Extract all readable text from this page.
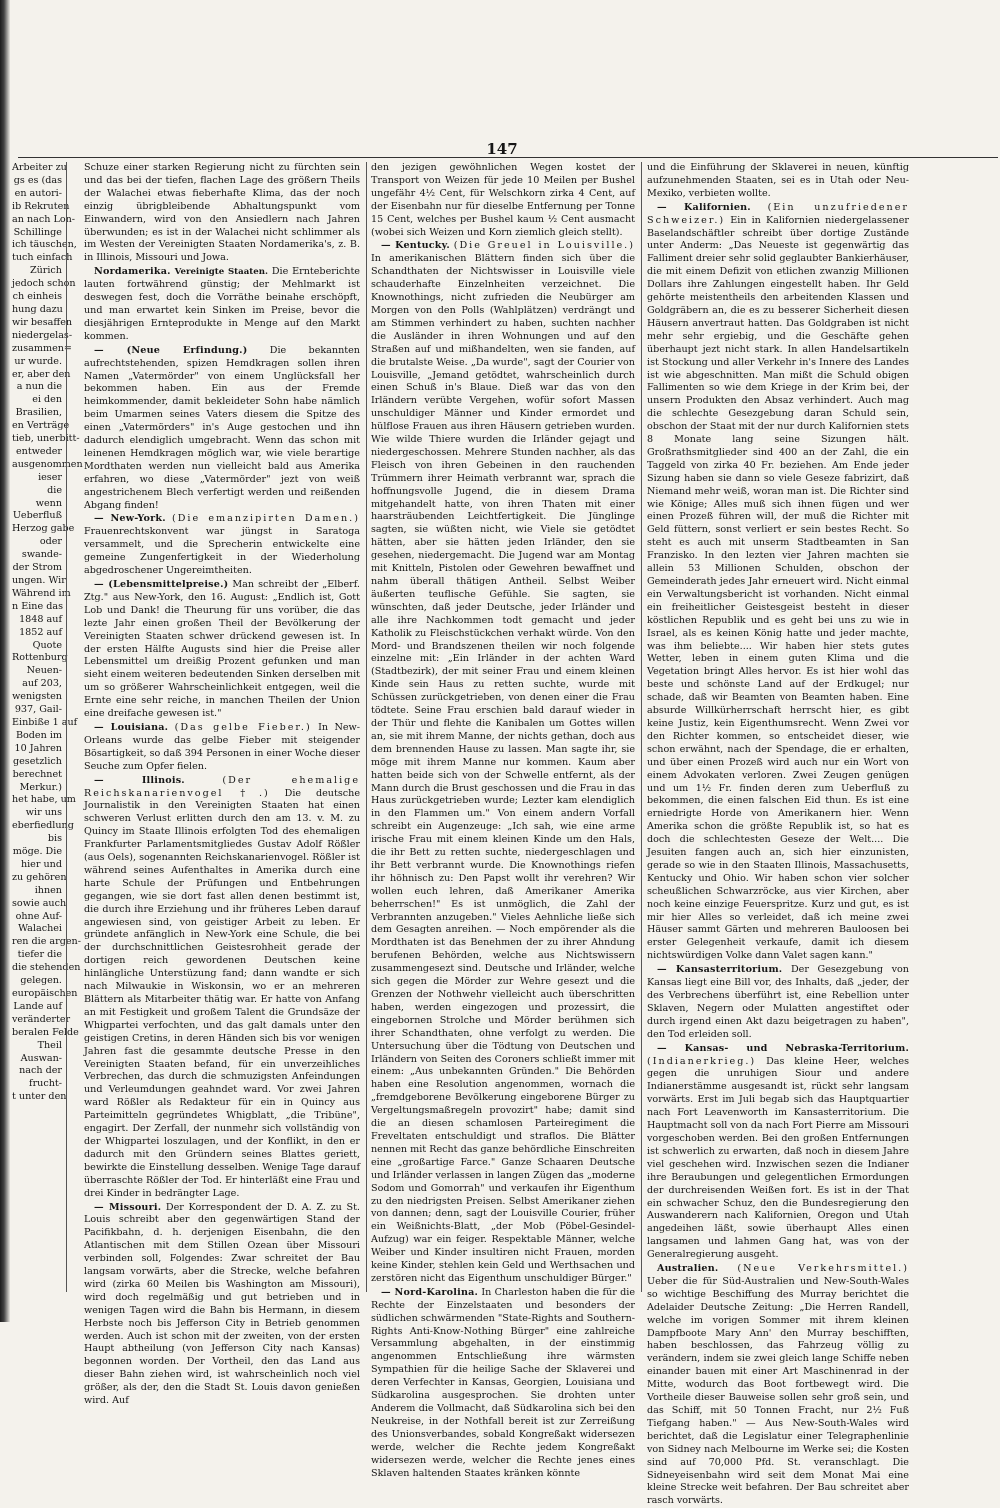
147
Arbeiter zu
gs es (das
en autori-
ib Rekruten
an nach Lon-
Schillinge
ich täuschen,
tuch einfach
Zürich
jedoch schon
ch einheis
hung dazu
wir besaffen
niedergelas-
zusammen=
ur wurde.
er, aber den
a nun die
ei den
Brasilien,
en Verträge
tieb, unerbitt-
entweder
ausgenommen
ieser
die
wenn
Ueberfluß
Herzog gabe
oder
swande-
der Strom
ungen. Wir
Während im
n Eine das
1848 auf
1852 auf
Quote
Rottenburg
Neuen-
auf 203,
wenigsten
937, Gail-
Einbiße 1 auf
Boden im
10 Jahren
gesetzlich
berechnet
Merkur.)
het habe, um
wir uns
eberfiedlung
bis
möge. Die
hier und
zu gehören
ihnen
sowie auch
ohne Auf-
Walachei
ren die argen-
tiefer die
die stehenden
gelegen.
europäischen
Lande auf
veränderter
beralen Felde
Theil
Auswan-
nach der
frucht-
t unter den

Schuze einer starken Regierung nicht zu fürchten sein und das bei der tiefen, flachen Lage des größern Theils der Walachei etwas fieberhafte Klima, das der noch einzig übrigbleibende Abhaltungspunkt vom Einwandern, wird von den Ansiedlern nach Jahren überwunden; es ist in der Walachei nicht schlimmer als im Westen der Vereinigten Staaten Nordamerika's, z. B. in Illinois, Missouri und Jowa.

Nordamerika. Vereinigte Staaten. Die Ernteberichte lauten fortwährend günstig; der Mehlmarkt ist deswegen fest, doch die Vorräthe beinahe erschöpft, und man erwartet kein Sinken im Preise, bevor die diesjährigen Ernteprodukte in Menge auf den Markt kommen.

— (Neue Erfindung.) Die bekannten aufrechtstehenden, spizen Hemdkragen sollen ihren Namen „Vatermörder" von einem Unglücksfall her bekommen haben. Ein aus der Fremde heimkommender, damit bekleideter Sohn habe nämlich beim Umarmen seines Vaters diesem die Spitze des einen „Vatermörders" in's Auge gestochen und ihn dadurch elendiglich umgebracht. Wenn das schon mit leinenen Hemdkragen möglich war, wie viele berartige Mordthaten werden nun vielleicht bald aus Amerika erfahren, wo diese „Vatermörder" jezt von weiß angestrichenem Blech verfertigt werden und reißenden Abgang finden!

— New-York. (Die emanzipirten Damen.) Frauenrechtskonvent war jüngst in Saratoga versammelt, und die Sprecherin entwickelte eine gemeine Zungenfertigkeit in der Wiederholung abgedroschener Ungereimtheiten.

— (Lebensmittelpreise.) Man schreibt der „Elberf. Ztg." aus New-York, den 16. August: „Endlich ist, Gott Lob und Dank! die Theurung für uns vorüber, die das lezte Jahr einen großen Theil der Bevölkerung der Vereinigten Staaten schwer drückend gewesen ist. In der ersten Hälfte Augusts sind hier die Preise aller Lebensmittel um dreißig Prozent gefunken und man sieht einem weiteren bedeutenden Sinken derselben mit um so größerer Wahrscheinlichkeit entgegen, weil die Ernte eine sehr reiche, in manchen Theilen der Union eine dreifache gewesen ist."

— Louisiana. (Das gelbe Fieber.) In New-Orleans wurde das gelbe Fieber mit steigender Bösartigkeit, so daß 394 Personen in einer Woche dieser Seuche zum Opfer fielen.

— Illinois.	(Der ehemalige Reichskanarienvogel †.) Die deutsche Journalistik in den Vereinigten Staaten hat einen schweren Verlust erlitten durch den am 13. v. M. zu Quincy im Staate Illinois erfolgten Tod des ehemaligen Frankfurter Parlamentsmitgliedes Gustav Adolf Rößler (aus Oels), sogenannten Reichskanarienvogel. Rößler ist während seines Aufenthaltes in Amerika durch eine harte Schule der Prüfungen und Entbehrungen gegangen, wie sie dort fast allen denen bestimmt ist, die durch ihre Erziehung und ihr früheres Leben darauf angewiesen sind, von geistiger Arbeit zu leben. Er gründete anfänglich in New-York eine Schule, die bei der durchschnittlichen Geistesrohheit gerade der dortigen reich gewordenen Deutschen keine hinlängliche Unterstüzung fand; dann wandte er sich nach Milwaukie in Wiskonsin, wo er an mehreren Blättern als Mitarbeiter thätig war. Er hatte von Anfang an mit Festigkeit und großem Talent die Grundsäze der Whigpartei verfochten, und das galt damals unter den geistigen Cretins, in deren Händen sich bis vor wenigen Jahren fast die gesammte deutsche Presse in den Vereinigten Staaten befand, für ein unverzeihliches Verbrechen, das durch die schmuzigsten Anfeindungen und Verleumdungen geahndet ward. Vor zwei Jahren ward Rößler als Redakteur für ein in Quincy aus Parteimitteln gegründetes Whigblatt, „die Tribüne", engagirt. Der Zerfall, der nunmehr sich vollständig von der Whigpartei loszulagen, und der Konflikt, in den er dadurch mit den Gründern seines Blattes geriett, bewirkte die Einstellung desselben. Wenige Tage darauf überraschte Rößler der Tod. Er hinterläßt eine Frau und drei Kinder in bedrängter Lage.

— Missouri. Der Korrespondent der D. A. Z. zu St. Louis schreibt aber den gegenwärtigen Stand der Pacifikbahn, d. h. derjenigen Eisenbahn, die den Atlantischen mit dem Stillen Ozean über Missouri verbinden soll, Folgendes: Zwar schreitet der Bau langsam vorwärts, aber die Strecke, welche befahren wird (zirka 60 Meilen bis Washington am Missouri), wird doch regelmäßig und gut betrieben und in wenigen Tagen wird die Bahn bis Hermann, in diesem Herbste noch bis Jefferson City in Betrieb genommen werden. Auch ist schon mit der zweiten, von der ersten Haupt abtheilung (von Jefferson City nach Kansas) begonnen worden. Der Vortheil, den das Land aus dieser Bahn ziehen wird, ist wahrscheinlich noch viel größer, als der, den die Stadt St. Louis davon genießen wird. Auf

den jezigen gewöhnlichen Wegen kostet der Transport von Weizen für jede 10 Meilen per Bushel ungefähr 4½ Cent, für Welschkorn zirka 4 Cent, auf der Eisenbahn nur für dieselbe Entfernung per Tonne 15 Cent, welches per Bushel kaum ½ Cent ausmacht (wobei sich Weizen und Korn ziemlich gleich stellt).

— Kentucky. (Die Greuel in Louisville.) In amerikanischen Blättern finden sich über die Schandthaten der Nichtswisser in Louisville viele schauderhafte Einzelnheiten verzeichnet. Die Knownothings, nicht zufrieden die Neubürger am Morgen von den Polls (Wahlplätzen) verdrängt und am Stimmen verhindert zu haben, suchten nachher die Ausländer in ihren Wohnungen und auf den Straßen auf und mißhandelten, wen sie fanden, auf die brutalste Weise. „Da wurde", sagt der Courier von Louisville, „Jemand getödtet, wahrscheinlich durch einen Schuß in's Blaue. Dieß war das von den Irländern verübte Vergehen, wofür sofort Massen unschuldiger Männer und Kinder ermordet und hülflose Frauen aus ihren Häusern getrieben wurden. Wie wilde Thiere wurden die Irländer gejagt und niedergeschossen. Mehrere Stunden nachher, als das Fleisch von ihren Gebeinen in den rauchenden Trümmern ihrer Heimath verbrannt war, sprach die hoffnungsvolle Jugend, die in diesem Drama mitgehandelt hatte, von ihren Thaten mit einer haarsträubenden Leichtfertigkeit. Die Jünglinge sagten, sie wüßten nicht, wie Viele sie getödtet hätten, aber sie hätten jeden Irländer, den sie gesehen, niedergemacht. Die Jugend war am Montag mit Knitteln, Pistolen oder Gewehren bewaffnet und nahm überall thätigen Antheil. Selbst Weiber äußerten teuflische Gefühle. Sie sagten, sie wünschten, daß jeder Deutsche, jeder Irländer und alle ihre Nachkommen todt gemacht und jeder Katholik zu Fleischstückchen verhakt würde. Von den Mord- und Brandszenen theilen wir noch folgende einzelne mit: „Ein Irländer in der achten Ward (Stadtbezirk), der mit seiner Frau und einem kleinen Kinde sein Haus zu retten suchte, wurde mit Schüssen zurückgetrieben, von denen einer die Frau tödtete. Seine Frau erschien bald darauf wieder in der Thür und flehte die Kanibalen um Gottes willen an, sie mit ihrem Manne, der nichts gethan, doch aus dem brennenden Hause zu lassen. Man sagte ihr, sie möge mit ihrem Manne nur kommen. Kaum aber hatten beide sich von der Schwelle entfernt, als der Mann durch die Brust geschossen und die Frau in das Haus zurückgetrieben wurde; Lezter kam elendiglich in den Flammen um." Von einem andern Vorfall schreibt ein Augenzeuge: „Ich sah, wie eine arme irische Frau mit einem kleinen Kinde um den Hals, die ihr Bett zu retten suchte, niedergeschlagen und ihr Bett verbrannt wurde. Die Knownothings riefen ihr höhnisch zu: Den Papst wollt ihr verehren? Wir wollen euch lehren, daß Amerikaner Amerika beherrschen!" Es ist unmöglich, die Zahl der Verbrannten anzugeben." Vieles Aehnliche ließe sich dem Gesagten anreihen. — Noch empörender als die Mordthaten ist das Benehmen der zu ihrer Ahndung berufenen Behörden, welche aus Nichtswissern zusammengesezt sind. Deutsche und Irländer, welche sich gegen die Mörder zur Wehre gesezt und die Grenzen der Nothwehr vielleicht auch überschritten haben, werden eingezogen und prozessirt, die eingebornen Strolche und Mörder berühmen sich ihrer Schandthaten, ohne verfolgt zu werden. Die Untersuchung über die Tödtung von Deutschen und Irländern von Seiten des Coroners schließt immer mit einem: „Aus unbekannten Gründen." Die Behörden haben eine Resolution angenommen, wornach die „fremdgeborene Bevölkerung eingeborene Bürger zu Vergeltungsmaßregeln provozirt" habe; damit sind die an diesen schamlosen Parteiregiment die Freveltaten entschuldigt und straflos. Die Blätter nennen mit Recht das ganze behördliche Einschreiten eine „großartige Farce." Ganze Schaaren Deutsche und Irländer verlassen in langen Zügen das „moderne Sodom und Gomorrah" und verkaufen ihr Eigenthum zu den niedrigsten Preisen. Selbst Amerikaner ziehen von dannen; denn, sagt der Louisville Courier, früher ein Weißnichts-Blatt, „der Mob (Pöbel-Gesindel-Aufzug) war ein feiger. Respektable Männer, welche Weiber und Kinder insultiren nicht Frauen, morden keine Kinder, stehlen kein Geld und Werthsachen und zerstören nicht das Eigenthum unschuldiger Bürger."

— Nord-Karolina. In Charleston haben die für die Rechte der Einzelstaaten und besonders der südlichen schwärmenden "State-Rights and Southern-Rights Anti-Know-Nothing Bürger" eine zahlreiche Versammlung abgehalten, in der einstimmig angenommen Entschließung ihre wärmsten Sympathien für die heilige Sache der Sklaverei und deren Verfechter in Kansas, Georgien, Louisiana und Südkarolina ausgesprochen. Sie drohten unter Anderem die Vollmacht, daß Südkarolina sich bei den Neukreise, in der Nothfall bereit ist zur Zerreißung des Unionsverbandes, sobald Kongreßakt widersezen werde, welcher die Rechte jedem Kongreßakt widersezen werde, welcher die Rechte jenes eines Sklaven haltenden Staates kränken könnte

und die Einführung der Sklaverei in neuen, künftig aufzunehmenden Staaten, sei es in Utah oder Neu-Mexiko, verbieten wollte.

— Kalifornien. (Ein unzufriedener Schweizer.) Ein in Kalifornien niedergelassener Baselandschäftler schreibt über dortige Zustände unter Anderm: „Das Neueste ist gegenwärtig das Falliment dreier sehr solid geglaubter Bankierhäuser, die mit einem Defizit von etlichen zwanzig Millionen Dollars ihre Zahlungen eingestellt haben. Ihr Geld gehörte meistentheils den arbeitenden Klassen und Goldgräbern an, die es zu besserer Sicherheit diesen Häusern anvertraut hatten. Das Goldgraben ist nicht mehr sehr ergiebig, und die Geschäfte gehen überhaupt jezt nicht stark. In allen Handelsartikeln ist Stockung und aller Verkehr in's Innere des Landes ist wie abgeschnitten. Man mißt die Schuld obigen Fallimenten so wie dem Kriege in der Krim bei, der unsern Produkten den Absaz verhindert. Auch mag die schlechte Gesezgebung daran Schuld sein, obschon der Staat mit der nur durch Kalifornien stets 8 Monate lang seine Sizungen hält. Großrathsmitglieder sind 400 an der Zahl, die ein Taggeld von zirka 40 Fr. beziehen. Am Ende jeder Sizung haben sie dann so viele Geseze fabrizirt, daß Niemand mehr weiß, woran man ist. Die Richter sind wie Könige; Alles muß sich ihnen fügen und wer einen Prozeß führen will, der muß die Richter mit Geld füttern, sonst verliert er sein bestes Recht. So steht es auch mit unserm Stadtbeamten in San Franzisko. In den lezten vier Jahren machten sie allein 53 Millionen Schulden, obschon der Gemeinderath jedes Jahr erneuert wird. Nicht einmal ein Verwaltungsbericht ist vorhanden. Nicht einmal ein freiheitlicher Geistesgeist besteht in dieser köstlichen Republik und es geht bei uns zu wie in Israel, als es keinen König hatte und jeder machte, was ihm beliebte.... Wir haben hier stets gutes Wetter, leben in einem guten Klima und die Vegetation bringt Alles hervor. Es ist hier wohl das beste und schönste Land auf der Erdkugel; nur schade, daß wir Beamten von Beamten haben. Eine absurde Willkürherrschaft herrscht hier, es gibt keine Justiz, kein Eigenthumsrecht. Wenn Zwei vor den Richter kommen, so entscheidet dieser, wie schon erwähnt, nach der Spendage, die er erhalten, und über einen Prozeß wird auch nur ein Wort von einem Advokaten verloren. Zwei Zeugen genügen und um 1½ Fr. finden deren zum Ueberfluß zu bekommen, die einen falschen Eid thun. Es ist eine erniedrigte Horde von Amerikanern hier. Wenn Amerika schon die größte Republik ist, so hat es doch die schlechtesten Geseze der Welt.... Die Jesuiten fangen auch an, sich hier einzunisten, gerade so wie in den Staaten Illinois, Massachusetts, Kentucky und Ohio. Wir haben schon vier solcher scheußlichen Schwarzröcke, aus vier Kirchen, aber noch keine einzige Feuerspritze. Kurz und gut, es ist mir hier Alles so verleidet, daß ich meine zwei Häuser sammt Gärten und mehreren Bauloosen bei erster Gelegenheit verkaufe, damit ich diesem nichtswürdigen Volke dann Valet sagen kann."

— Kansasterritorium. Der Gesezgebung von Kansas liegt eine Bill vor, des Inhalts, daß „jeder, der des Verbrechens überführt ist, eine Rebellion unter Sklaven, Negern oder Mulatten angestiftet oder durch irgend einen Akt dazu beigetragen zu haben", den Tod erleiden soll.

— Kansas- und Nebraska-Territorium. (Indianerkrieg.) Das kleine Heer, welches gegen die unruhigen Siour und andere Indianerstämme ausgesandt ist, rückt sehr langsam vorwärts. Erst im Juli begab sich das Hauptquartier nach Fort Leavenworth im Kansasterritorium. Die Hauptmacht soll von da nach Fort Pierre am Missouri vorgeschoben werden. Bei den großen Entfernungen ist schwerlich zu erwarten, daß noch in diesem Jahre viel geschehen wird. Inzwischen sezen die Indianer ihre Beraubungen und gelegentlichen Ermordungen der durchreisenden Weißen fort. Es ist in der That ein schwacher Schuz, den die Bundesregierung den Auswanderern nach Kalifornien, Oregon und Utah angedeihen läßt, sowie überhaupt Alles einen langsamen und lahmen Gang hat, was von der Generalregierung ausgeht.

Australien. (Neue Verkehrsmittel.) Ueber die für Süd-Australien und New-South-Wales so wichtige Beschiffung des Murray berichtet die Adelaider Deutsche Zeitung: „Die Herren Randell, welche im vorigen Sommer mit ihrem kleinen Dampfboote Mary Ann' den Murray beschifften, haben beschlossen, das Fahrzeug völlig zu verändern, indem sie zwei gleich lange Schiffe neben einander bauen mit einer Art Maschinenrad in der Mitte, wodurch das Boot fortbewegt wird. Die Vortheile dieser Bauweise sollen sehr groß sein, und das Schiff, mit 50 Tonnen Fracht, nur 2½ Fuß Tiefgang haben." — Aus New-South-Wales wird berichtet, daß die Legislatur einer Telegraphenlinie von Sidney nach Melbourne im Werke sei; die Kosten sind auf 70,000 Pfd. St. veranschlagt. Die Sidneyeisenbahn wird seit dem Monat Mai eine kleine Strecke weit befahren. Der Bau schreitet aber rasch vorwärts.
